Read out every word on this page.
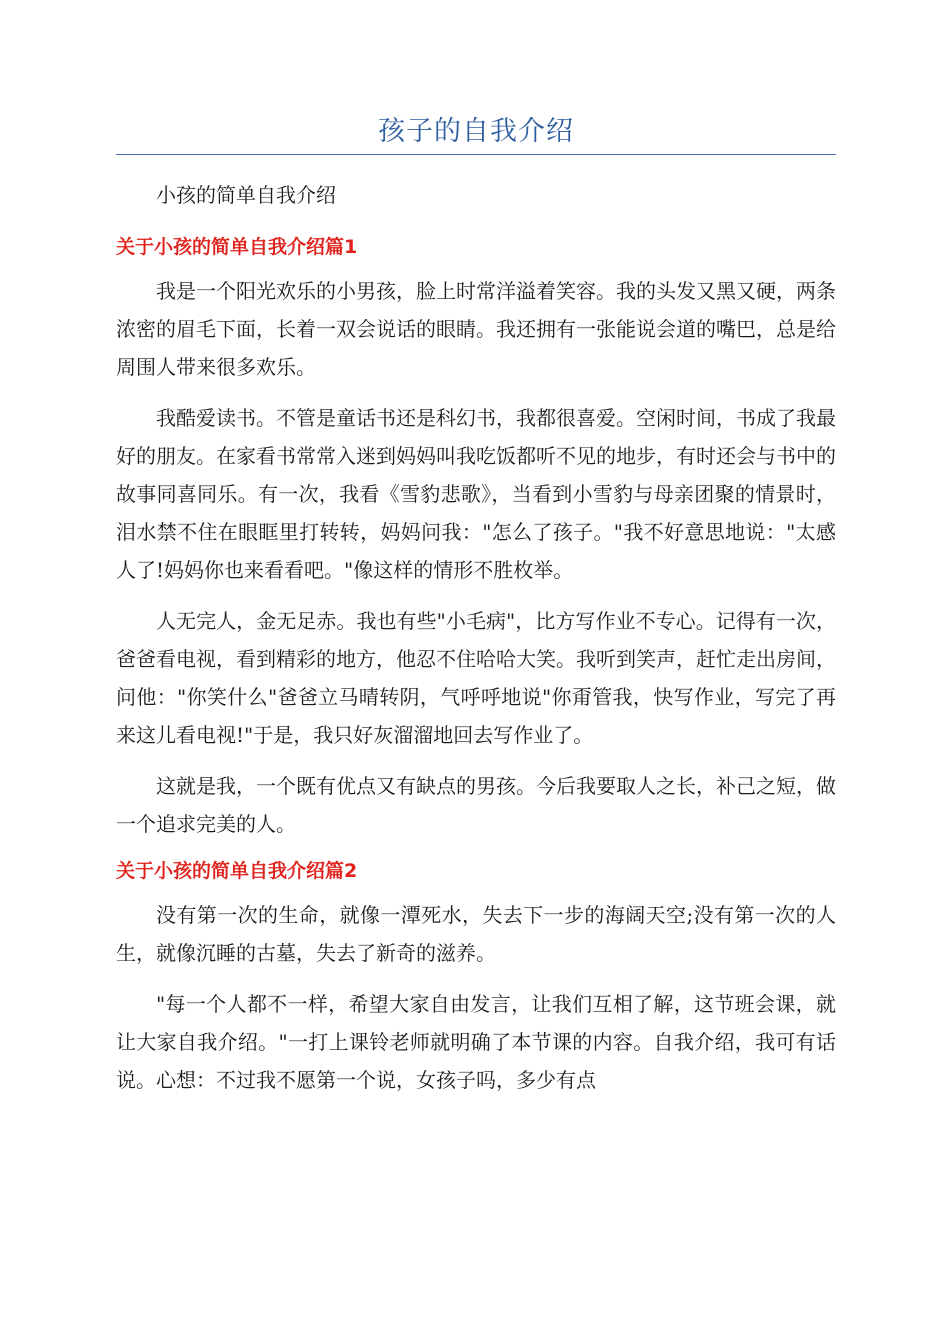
孩子的自我介绍

小孩的简单自我介绍

关于小孩的简单自我介绍篇1

我是一个阳光欢乐的小男孩，脸上时常洋溢着笑容。我的头发又黑又硬，两条浓密的眉毛下面，长着一双会说话的眼睛。我还拥有一张能说会道的嘴巴，总是给周围人带来很多欢乐。

我酷爱读书。不管是童话书还是科幻书，我都很喜爱。空闲时间，书成了我最好的朋友。在家看书常常入迷到妈妈叫我吃饭都听不见的地步，有时还会与书中的故事同喜同乐。有一次，我看《雪豹悲歌》，当看到小雪豹与母亲团聚的情景时，泪水禁不住在眼眶里打转转，妈妈问我："怎么了孩子。"我不好意思地说："太感人了!妈妈你也来看看吧。"像这样的情形不胜枚举。

人无完人，金无足赤。我也有些"小毛病"，比方写作业不专心。记得有一次，爸爸看电视，看到精彩的地方，他忍不住哈哈大笑。我听到笑声，赶忙走出房间，问他："你笑什么"爸爸立马晴转阴，气呼呼地说"你甭管我，快写作业，写完了再来这儿看电视!"于是，我只好灰溜溜地回去写作业了。

这就是我，一个既有优点又有缺点的男孩。今后我要取人之长，补己之短，做一个追求完美的人。

关于小孩的简单自我介绍篇2

没有第一次的生命，就像一潭死水，失去下一步的海阔天空;没有第一次的人生，就像沉睡的古墓，失去了新奇的滋养。

"每一个人都不一样，希望大家自由发言，让我们互相了解，这节班会课，就让大家自我介绍。"一打上课铃老师就明确了本节课的内容。自我介绍，我可有话说。心想：不过我不愿第一个说，女孩子吗，多少有点
